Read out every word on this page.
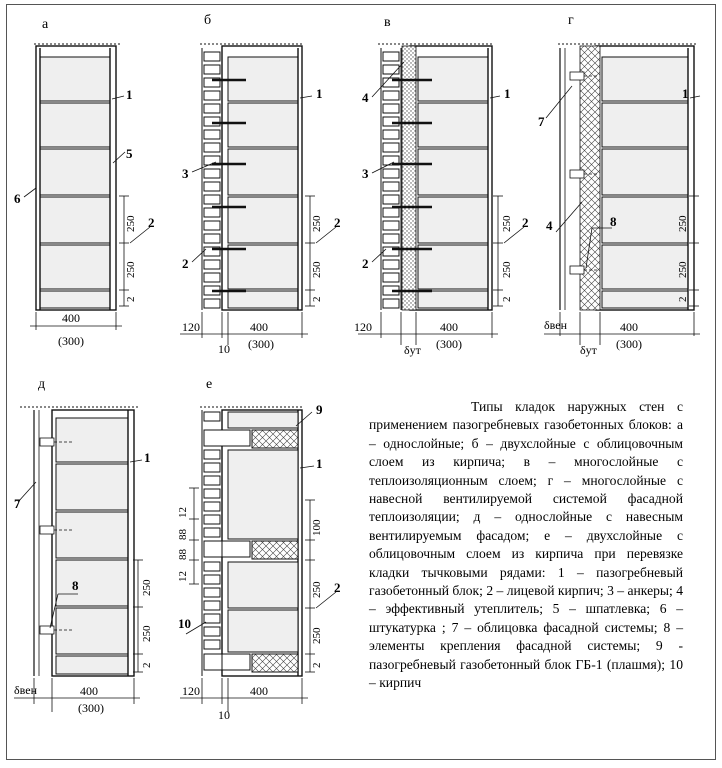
а	б	в	г
д	е
1
5
6
2
1
3
2
2
4	1
3
2
2
1
7
4	8
1
7
8
9
1
10
2
250
250
2
250
250
2
250
250
2
250
250
2
250
250
2
12
88
88
12
100
250
250
2
400
(300)
120	400
10 (300)
120	400
δут (300)
δвен	400
δут (300)
δвен	400
(300)
120	400
10
Типы кладок наружных стен с применением пазогребневых газобетонных блоков: а – однослойные; б – двухслойные с облицовочным слоем из кирпича; в – многослойные с теплоизоляционным слоем; г – многослойные с навесной вентилируемой системой фасадной теплоизоляции; д – однослойные с навесным вентилируемым фасадом; е – двухслойные с облицовочным слоем из кирпича при перевязке кладки тычковыми рядами: 1 – пазогребневый газобетонный блок; 2 – лицевой кирпич; 3 – анкеры; 4 – эффективный утеплитель; 5 – шпатлевка; 6 – штукатурка ; 7 – облицовка фасадной системы; 8 – элементы крепления фасадной системы; 9 - пазогребневый газобетонный блок ГБ-1 (плашмя); 10 – кирпич
